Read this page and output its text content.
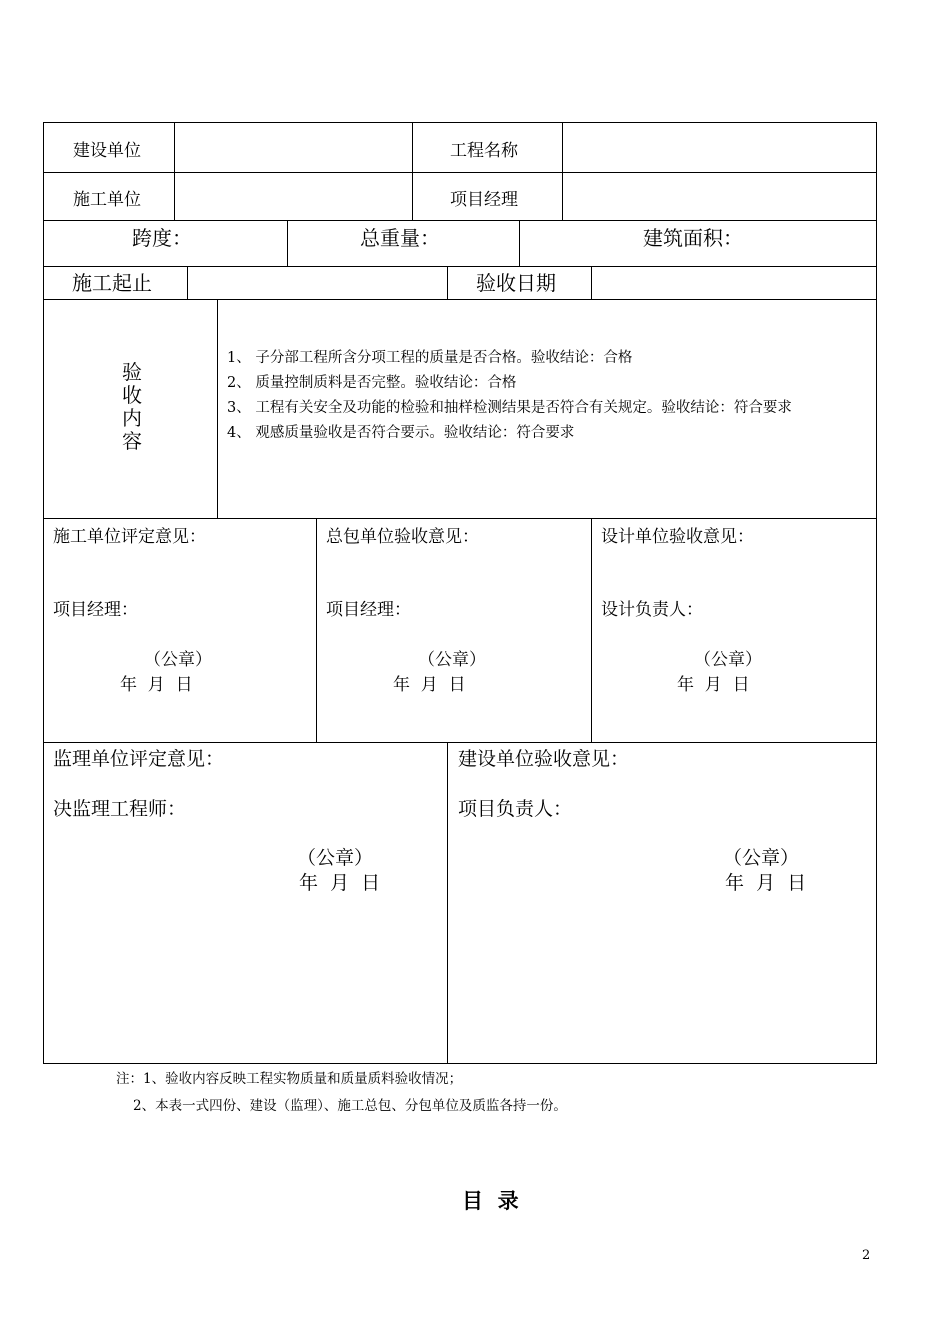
建设单位	工程名称
施工单位	项目经理
跨度：	总重量：	建筑面积：
施工起止	验收日期
验收内容
1、 子分部工程所含分项工程的质量是否合格。验收结论：合格
2、 质量控制质料是否完整。验收结论：合格
3、 工程有关安全及功能的检验和抽样检测结果是否符合有关规定。验收结论：符合要求
4、 观感质量验收是否符合要示。验收结论：符合要求
施工单位评定意见：
项目经理：
（公章）
年  月  日
总包单位验收意见：
项目经理：
（公章）
年  月  日
设计单位验收意见：
设计负责人：
（公章）
年  月  日
监理单位评定意见：
决监理工程师：
（公章）
年  月  日
建设单位验收意见：
项目负责人：
（公章）
年  月  日
注：1、验收内容反映工程实物质量和质量质料验收情况；
2、本表一式四份、建设（监理）、施工总包、分包单位及质监各持一份。
目  录
2
